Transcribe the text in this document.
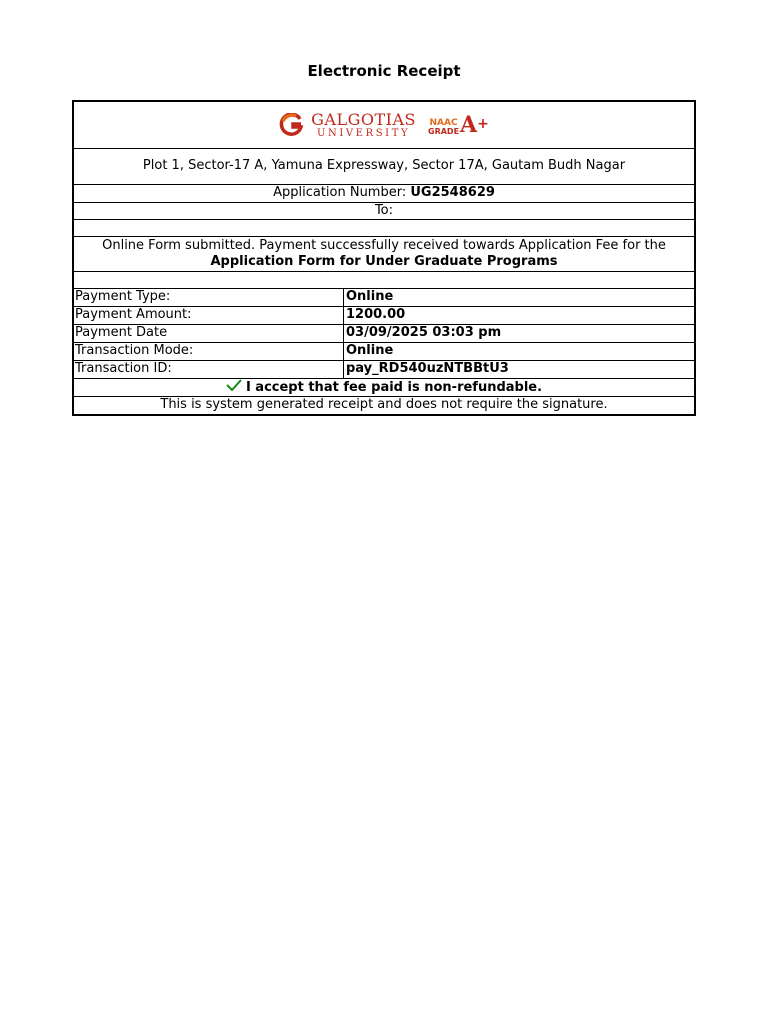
Electronic Receipt
GALGOTIAS
UNIVERSITY
NAAC
GRADE A +
Plot 1, Sector-17 A, Yamuna Expressway, Sector 17A, Gautam Budh Nagar
Application Number: UG2548629
To:
Online Form submitted. Payment successfully received towards Application Fee for the
Application Form for Under Graduate Programs
Payment Type:	Online
Payment Amount:	1200.00
Payment Date	03/09/2025 03:03 pm
Transaction Mode:	Online
Transaction ID:	pay_RD540uzNTBBtU3
I accept that fee paid is non-refundable.
This is system generated receipt and does not require the signature.
